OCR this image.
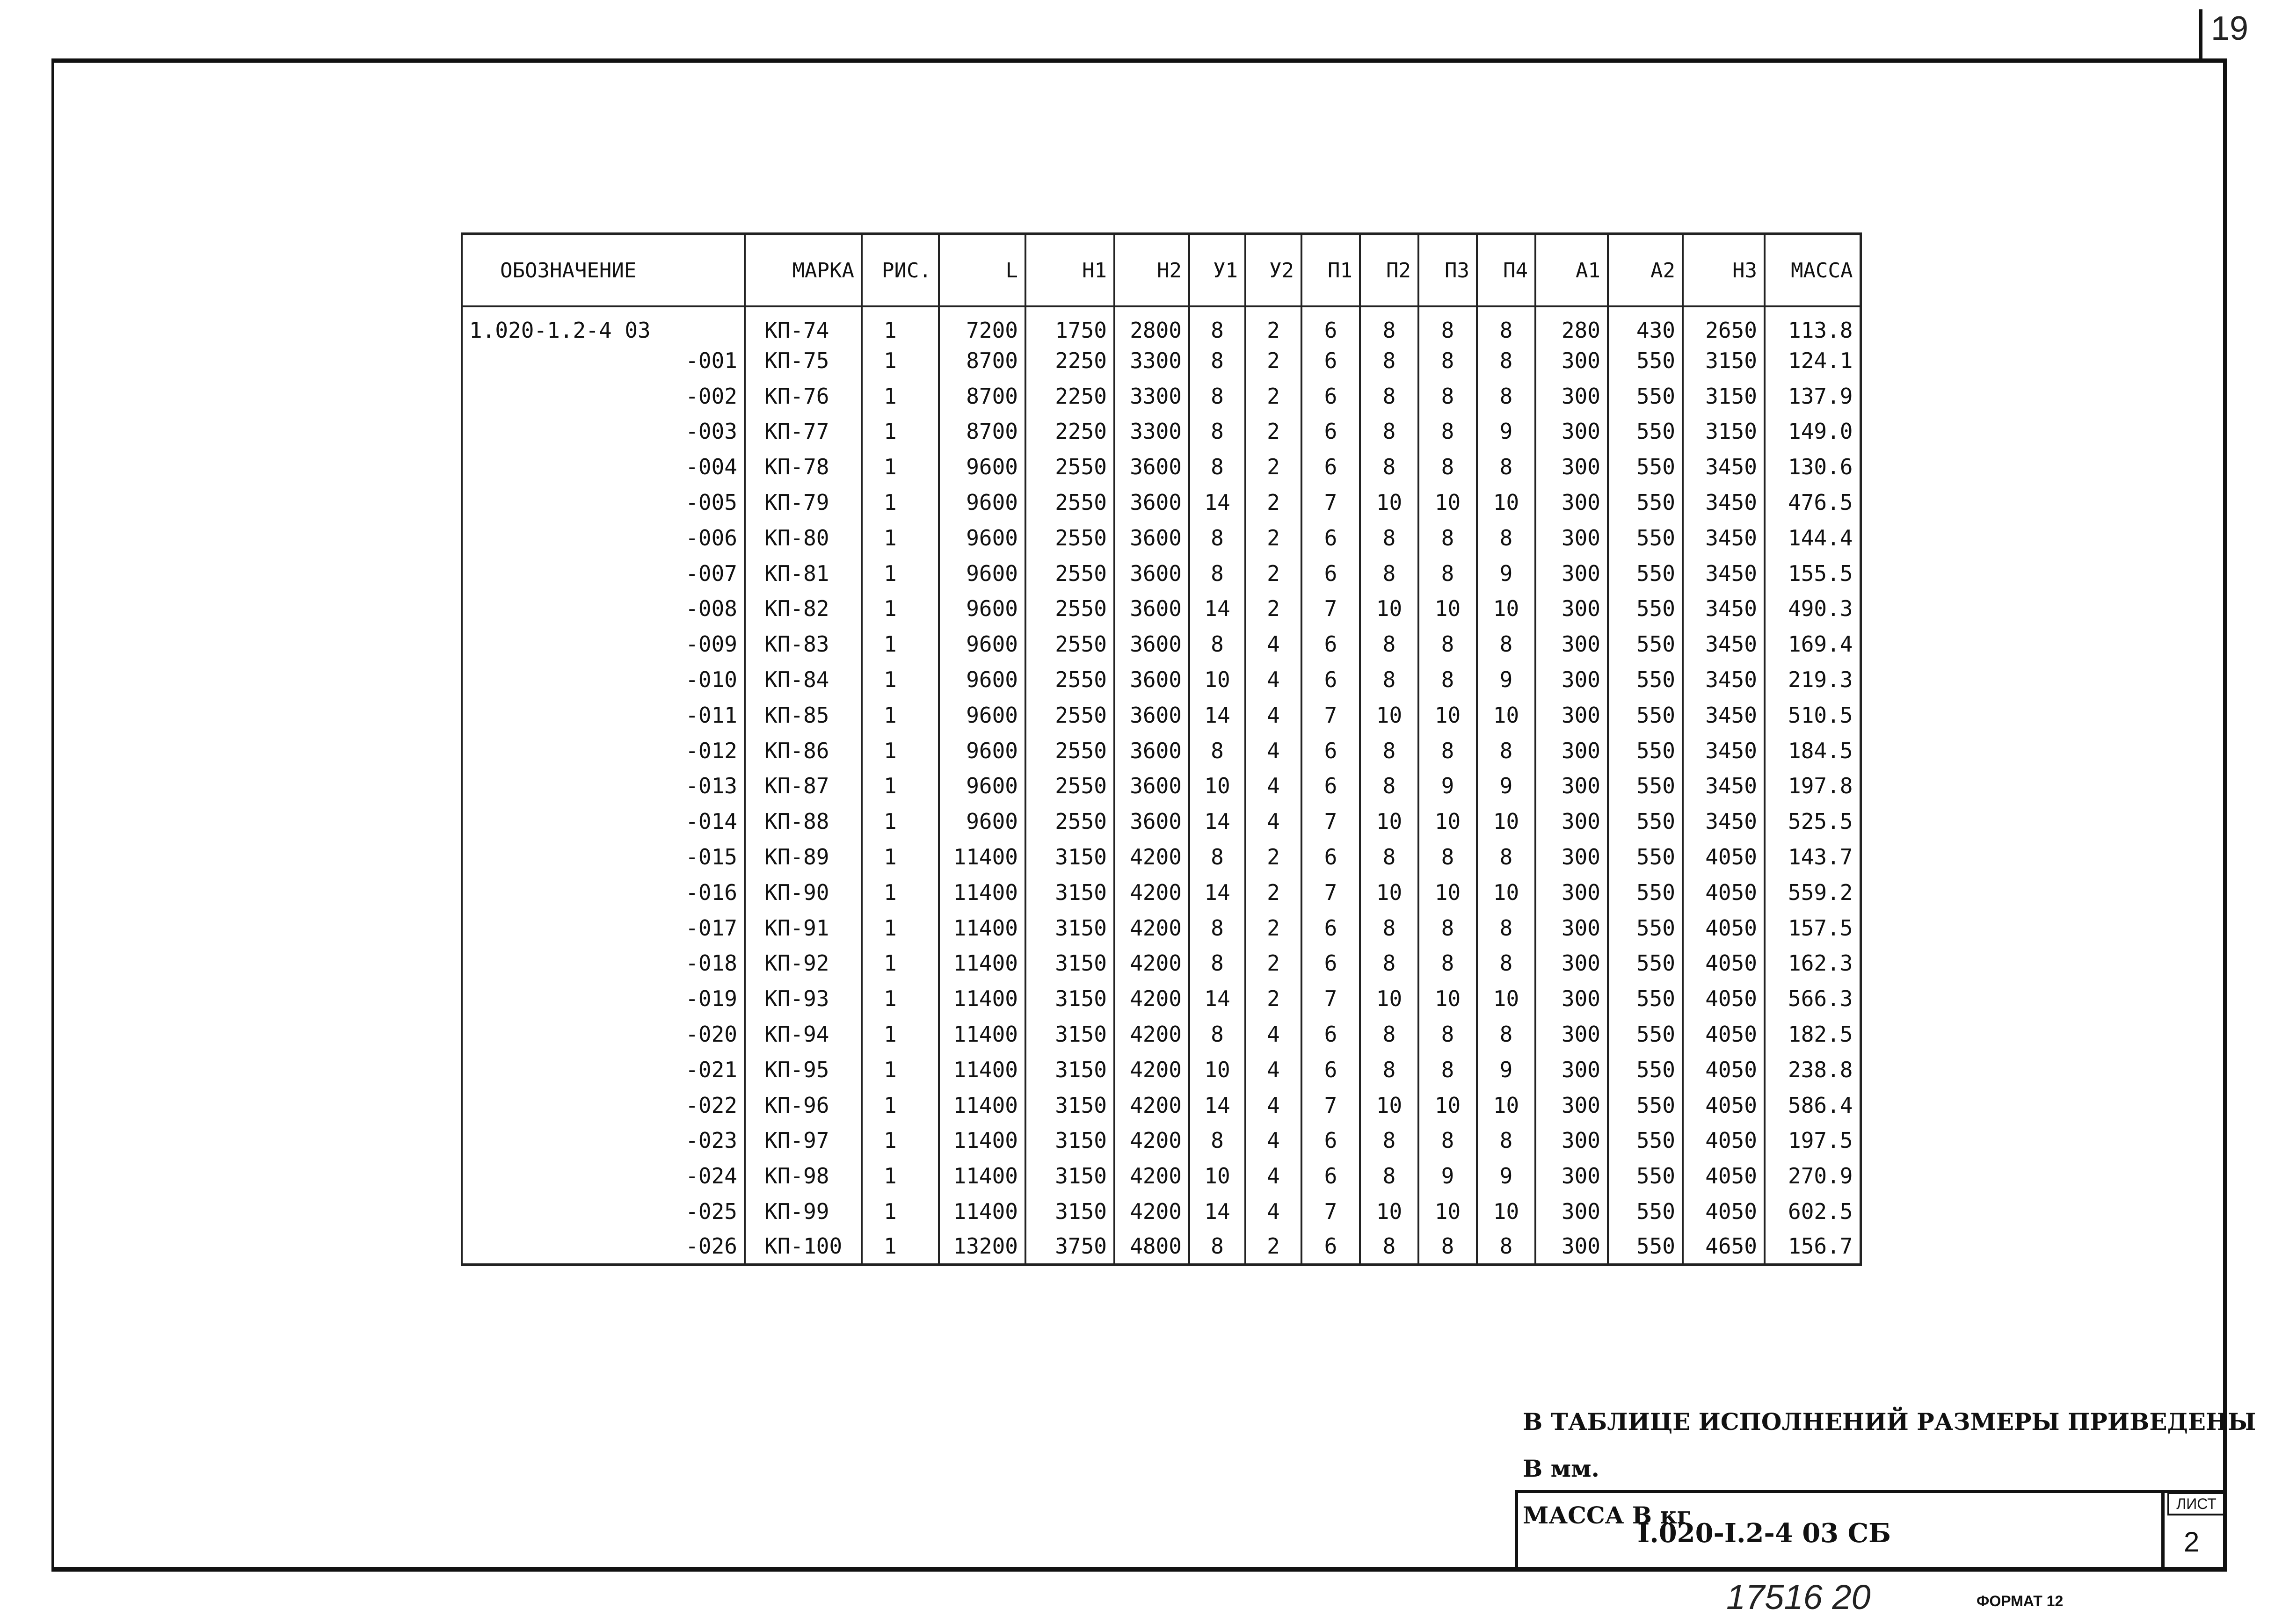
19
ОБОЗНАЧЕНИЕ	МАРКА	РИС.	L	Н1	Н2	У1	У2	П1	П2	П3	П4	А1	А2	Н3	МАССА
1.020-1.2-4 03	КП-74	1	7200	1750	2800	8	2	6	8	8	8	280	430	2650	113.8
-001	КП-75	1	8700	2250	3300	8	2	6	8	8	8	300	550	3150	124.1
-002	КП-76	1	8700	2250	3300	8	2	6	8	8	8	300	550	3150	137.9
-003	КП-77	1	8700	2250	3300	8	2	6	8	8	9	300	550	3150	149.0
-004	КП-78	1	9600	2550	3600	8	2	6	8	8	8	300	550	3450	130.6
-005	КП-79	1	9600	2550	3600	14	2	7	10	10	10	300	550	3450	476.5
-006	КП-80	1	9600	2550	3600	8	2	6	8	8	8	300	550	3450	144.4
-007	КП-81	1	9600	2550	3600	8	2	6	8	8	9	300	550	3450	155.5
-008	КП-82	1	9600	2550	3600	14	2	7	10	10	10	300	550	3450	490.3
-009	КП-83	1	9600	2550	3600	8	4	6	8	8	8	300	550	3450	169.4
-010	КП-84	1	9600	2550	3600	10	4	6	8	8	9	300	550	3450	219.3
-011	КП-85	1	9600	2550	3600	14	4	7	10	10	10	300	550	3450	510.5
-012	КП-86	1	9600	2550	3600	8	4	6	8	8	8	300	550	3450	184.5
-013	КП-87	1	9600	2550	3600	10	4	6	8	9	9	300	550	3450	197.8
-014	КП-88	1	9600	2550	3600	14	4	7	10	10	10	300	550	3450	525.5
-015	КП-89	1	11400	3150	4200	8	2	6	8	8	8	300	550	4050	143.7
-016	КП-90	1	11400	3150	4200	14	2	7	10	10	10	300	550	4050	559.2
-017	КП-91	1	11400	3150	4200	8	2	6	8	8	8	300	550	4050	157.5
-018	КП-92	1	11400	3150	4200	8	2	6	8	8	8	300	550	4050	162.3
-019	КП-93	1	11400	3150	4200	14	2	7	10	10	10	300	550	4050	566.3
-020	КП-94	1	11400	3150	4200	8	4	6	8	8	8	300	550	4050	182.5
-021	КП-95	1	11400	3150	4200	10	4	6	8	8	9	300	550	4050	238.8
-022	КП-96	1	11400	3150	4200	14	4	7	10	10	10	300	550	4050	586.4
-023	КП-97	1	11400	3150	4200	8	4	6	8	8	8	300	550	4050	197.5
-024	КП-98	1	11400	3150	4200	10	4	6	8	9	9	300	550	4050	270.9
-025	КП-99	1	11400	3150	4200	14	4	7	10	10	10	300	550	4050	602.5
-026	КП-100	1	13200	3750	4800	8	2	6	8	8	8	300	550	4650	156.7
В ТАБЛИЦЕ ИСПОЛНЕНИЙ РАЗМЕРЫ ПРИВЕДЕНЫ В мм.
МАССА В кг
I.020-I.2-4 03 СБ
ЛИСТ
2
17516 20	ФОРМАТ 12
